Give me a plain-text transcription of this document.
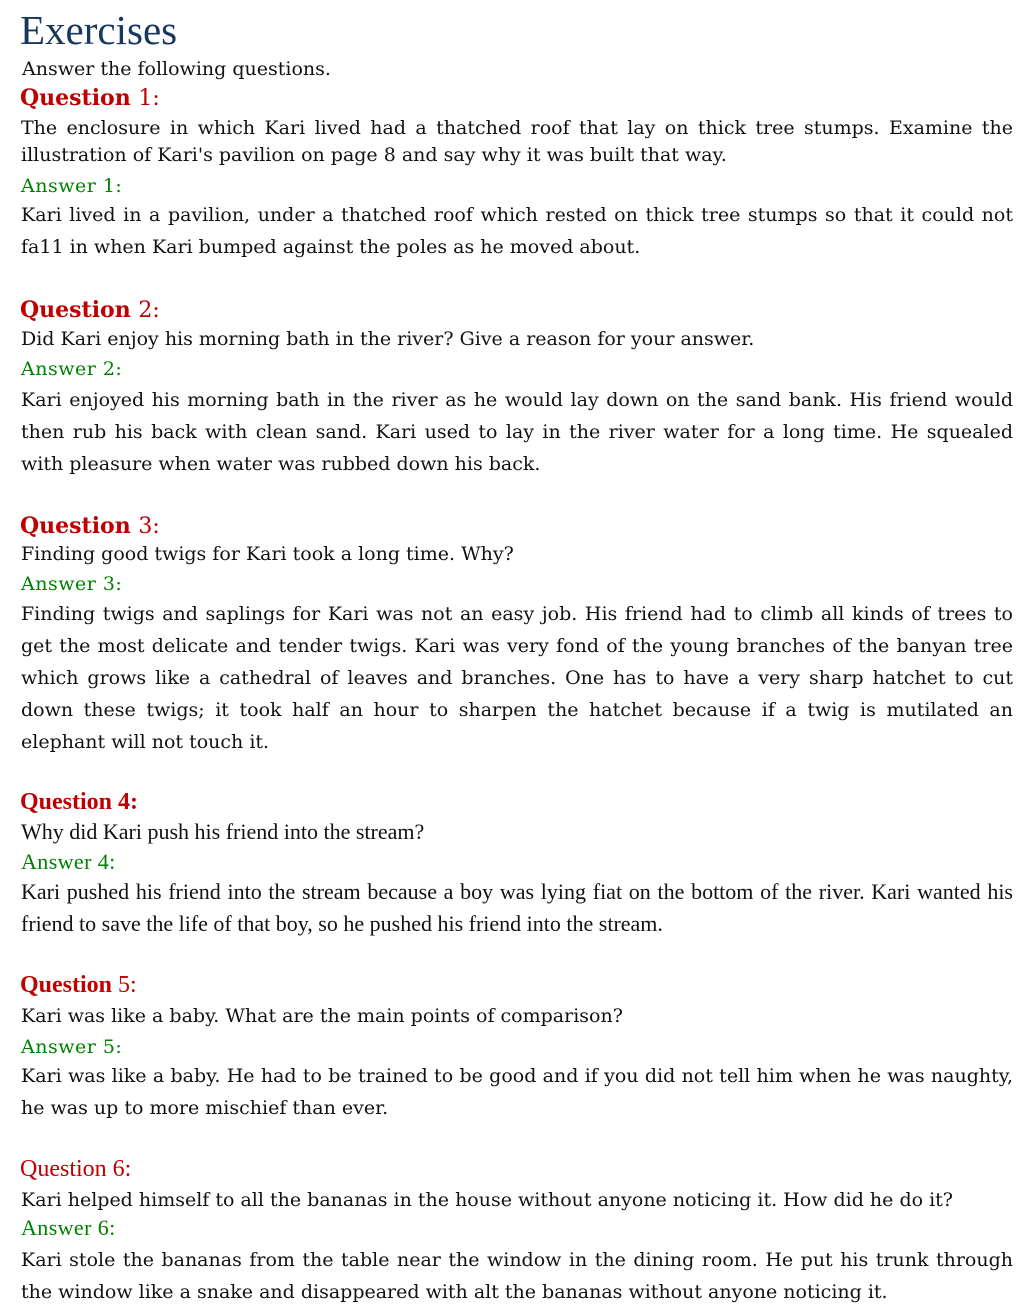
Exercises
Answer the following questions.
Question 1:
The enclosure in which Kari lived had a thatched roof that lay on thick tree stumps. Examine the illustration of Kari's pavilion on page 8 and say why it was built that way.
Answer 1:
Kari lived in a pavilion, under a thatched roof which rested on thick tree stumps so that it could not fa11 in when Kari bumped against the poles as he moved about.
Question 2:
Did Kari enjoy his morning bath in the river? Give a reason for your answer.
Answer 2:
Kari enjoyed his morning bath in the river as he would lay down on the sand bank. His friend would then rub his back with clean sand. Kari used to lay in the river water for a long time. He squealed with pleasure when water was rubbed down his back.
Question 3:
Finding good twigs for Kari took a long time. Why?
Answer 3:
Finding twigs and saplings for Kari was not an easy job. His friend had to climb all kinds of trees to get the most delicate and tender twigs. Kari was very fond of the young branches of the banyan tree which grows like a cathedral of leaves and branches. One has to have a very sharp hatchet to cut down these twigs; it took half an hour to sharpen the hatchet because if a twig is mutilated an elephant will not touch it.
Question 4:
Why did Kari push his friend into the stream?
Answer 4:
Kari pushed his friend into the stream because a boy was lying fiat on the bottom of the river. Kari wanted his friend to save the life of that boy, so he pushed his friend into the stream.
Question 5:
Kari was like a baby. What are the main points of comparison?
Answer 5:
Kari was like a baby. He had to be trained to be good and if you did not tell him when he was naughty, he was up to more mischief than ever.
Question 6:
Kari helped himself to all the bananas in the house without anyone noticing it. How did he do it?
Answer 6:
Kari stole the bananas from the table near the window in the dining room. He put his trunk through the window like a snake and disappeared with alt the bananas without anyone noticing it.
